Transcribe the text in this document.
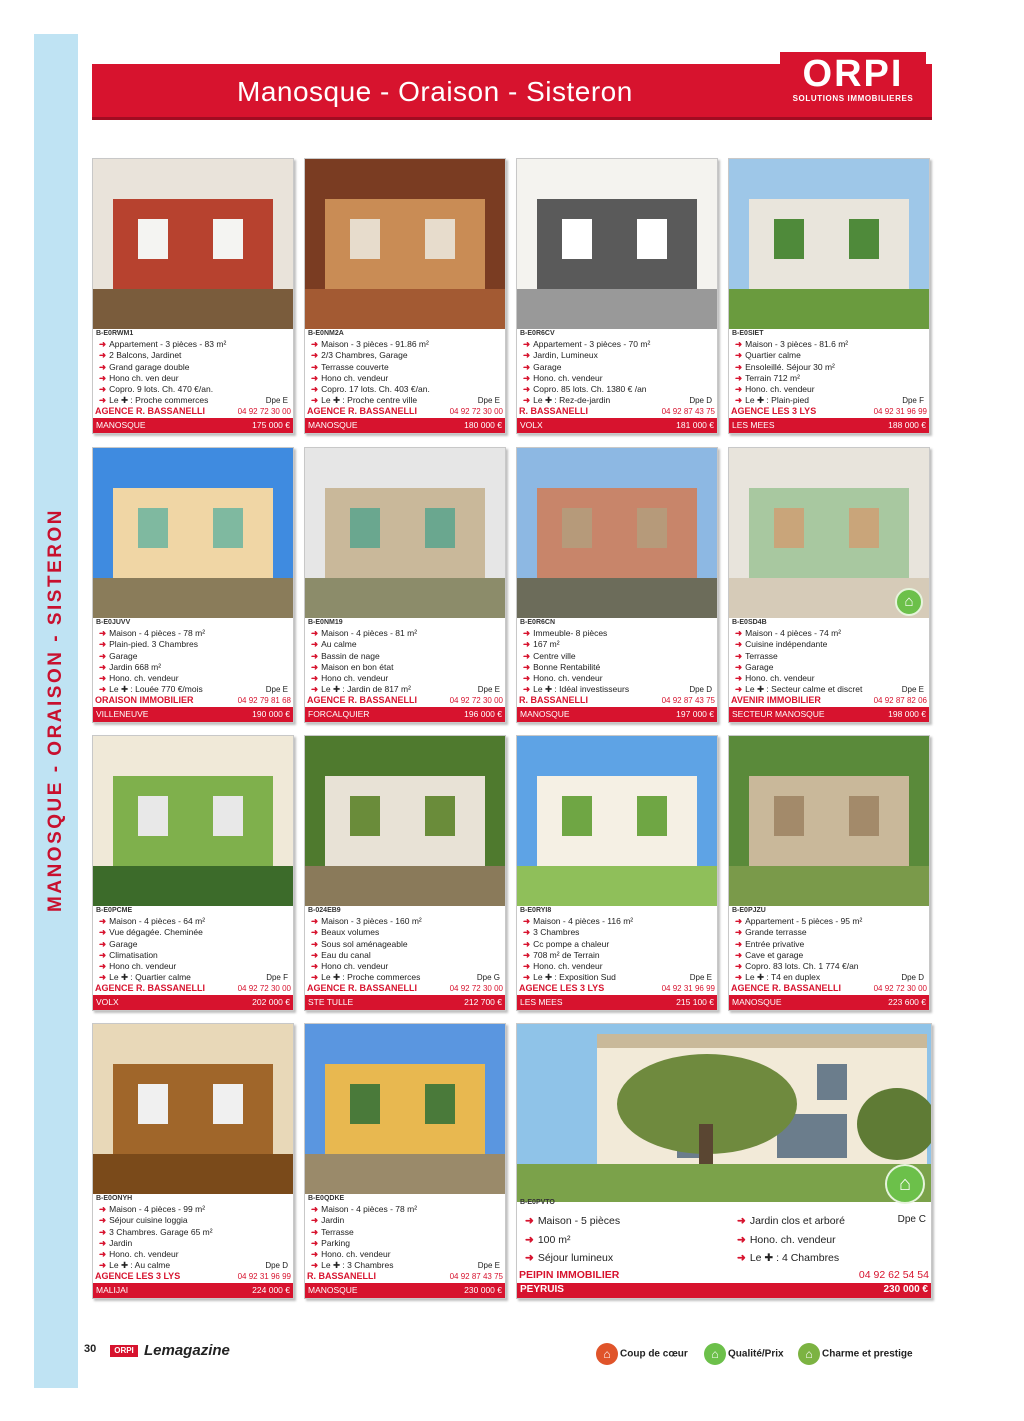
MANOSQUE - ORAISON - SISTERON
Manosque - Oraison - Sisteron	ORPI
SOLUTIONS IMMOBILIERES
B-E0RWM1
➜ Appartement - 3 pièces - 83 m²
➜ 2 Balcons, Jardinet
➜ Grand garage double
➜ Hono ch. ven deur
➜ Copro. 9 lots. Ch. 470 €/an.
➜ Le ✚ : Proche commerces	Dpe E
AGENCE R. BASSANELLI	04 92 72 30 00
MANOSQUE	175 000 €
B-E0NM2A
➜ Maison - 3 pièces - 91.86 m²
➜ 2/3 Chambres, Garage
➜ Terrasse couverte
➜ Hono ch. vendeur
➜ Copro. 17 lots. Ch. 403 €/an.
➜ Le ✚ : Proche centre ville	Dpe E
AGENCE R. BASSANELLI	04 92 72 30 00
MANOSQUE	180 000 €
B-E0R6CV
➜ Appartement - 3 pièces - 70 m²
➜ Jardin, Lumineux
➜ Garage
➜ Hono. ch. vendeur
➜ Copro. 85 lots. Ch. 1380 € /an
➜ Le ✚ : Rez-de-jardin	Dpe D
R. BASSANELLI	04 92 87 43 75
VOLX	181 000 €
B-E0SIET
➜ Maison - 3 pièces - 81.6 m²
➜ Quartier calme
➜ Ensoleillé. Séjour 30 m²
➜ Terrain 712 m²
➜ Hono. ch. vendeur
➜ Le ✚ : Plain-pied	Dpe F
AGENCE LES 3 LYS	04 92 31 96 99
LES MEES	188 000 €
B-E0JUVV
➜ Maison - 4 pièces - 78 m²
➜ Plain-pied. 3 Chambres
➜ Garage
➜ Jardin 668 m²
➜ Hono. ch. vendeur
➜ Le ✚ : Louée 770 €/mois	Dpe E
ORAISON IMMOBILIER	04 92 79 81 68
VILLENEUVE	190 000 €
B-E0NM19
➜ Maison - 4 pièces - 81 m²
➜ Au calme
➜ Bassin de nage
➜ Maison en bon état
➜ Hono ch. vendeur
➜ Le ✚ : Jardin de 817 m²	Dpe E
AGENCE R. BASSANELLI	04 92 72 30 00
FORCALQUIER	196 000 €
B-E0R6CN
➜ Immeuble- 8 pièces
➜ 167 m²
➜ Centre ville
➜ Bonne Rentabilité
➜ Hono. ch. vendeur
➜ Le ✚ : Idéal investisseurs	Dpe D
R. BASSANELLI	04 92 87 43 75
MANOSQUE	197 000 €
B-E0SD4B
➜ Maison - 4 pièces - 74 m²
➜ Cuisine indépendante
➜ Terrasse
➜ Garage
➜ Hono. ch. vendeur
➜ Le ✚ : Secteur calme et discret	Dpe E
AVENIR IMMOBILIER	04 92 87 82 06
SECTEUR MANOSQUE	198 000 €
⌂
B-E0PCME
➜ Maison - 4 pièces - 64 m²
➜ Vue dégagée. Cheminée
➜ Garage
➜ Climatisation
➜ Hono ch. vendeur
➜ Le ✚ : Quartier calme	Dpe F
AGENCE R. BASSANELLI	04 92 72 30 00
VOLX	202 000 €
B-024EB9
➜ Maison - 3 pièces - 160 m²
➜ Beaux volumes
➜ Sous sol aménageable
➜ Eau du canal
➜ Hono ch. vendeur
➜ Le ✚ : Proche commerces	Dpe G
AGENCE R. BASSANELLI	04 92 72 30 00
STE TULLE	212 700 €
B-E0RYI8
➜ Maison - 4 pièces - 116 m²
➜ 3 Chambres
➜ Cc pompe a chaleur
➜ 708 m² de Terrain
➜ Hono. ch. vendeur
➜ Le ✚ : Exposition Sud	Dpe E
AGENCE LES 3 LYS	04 92 31 96 99
LES MEES	215 100 €
B-E0PJZU
➜ Appartement - 5 pièces - 95 m²
➜ Grande terrasse
➜ Entrée privative
➜ Cave et garage
➜ Copro. 83 lots. Ch. 1 774 €/an
➜ Le ✚ : T4 en duplex	Dpe D
AGENCE R. BASSANELLI	04 92 72 30 00
MANOSQUE	223 600 €
B-E0ONYH
➜ Maison - 4 pièces - 99 m²
➜ Séjour cuisine loggia
➜ 3 Chambres. Garage 65 m²
➜ Jardin
➜ Hono. ch. vendeur
➜ Le ✚ : Au calme	Dpe D
AGENCE LES 3 LYS	04 92 31 96 99
MALIJAI	224 000 €
B-E0QDKE
➜ Maison - 4 pièces - 78 m²
➜ Jardin
➜ Terrasse
➜ Parking
➜ Hono. ch. vendeur
➜ Le ✚ : 3 Chambres	Dpe E
R. BASSANELLI	04 92 87 43 75
MANOSQUE	230 000 €
B-E0PVTO
➜ Maison - 5 pièces
➜ 100 m²
➜ Séjour lumineux
➜ Jardin clos et arboré
➜ Hono. ch. vendeur
➜ Le ✚ : 4 Chambres
Dpe C
PEIPIN IMMOBILIER	04 92 62 54 54
PEYRUIS	230 000 €
⌂
30	ORPI Lemagazine	⌂ Coup de cœur	⌂ Qualité/Prix	⌂ Charme et prestige
